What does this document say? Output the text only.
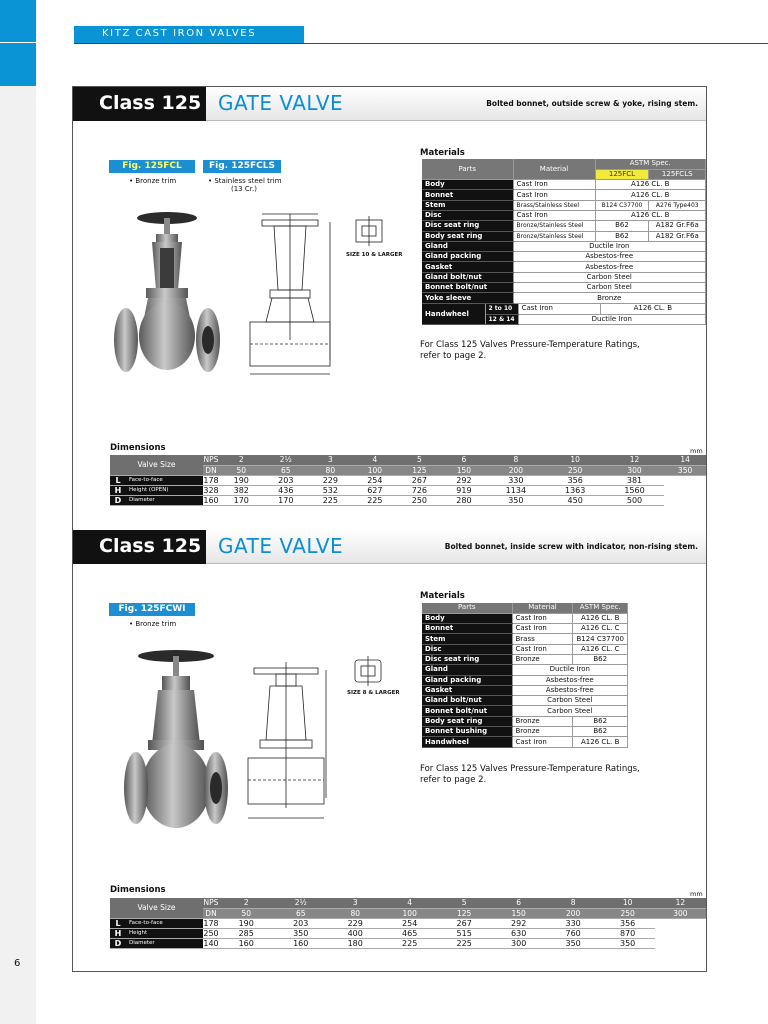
6
KITZ CAST IRON VALVES
Class 125 GATE VALVE	Bolted bonnet, outside screw & yoke, rising stem.
Fig. 125FCL
• Bronze trim
Fig. 125FCLS
• Stainless steel trim
(13 Cr.)
SIZE 10 & LARGER
Materials
Parts	Material	ASTM Spec.	
		125FCL	125FCLS
Body	Cast Iron	A126 CL. B	
Bonnet	Cast Iron	A126 CL. B	
Stem	Brass/Stainless Steel	B124 C37700	A276 Type403
Disc	Cast Iron	A126 CL. B	
Disc seat ring	Bronze/Stainless Steel	B62	A182 Gr.F6a
Body seat ring	Bronze/Stainless Steel	B62	A182 Gr.F6a
Gland	Ductile Iron		
Gland packing	Asbestos-free		
Gasket	Asbestos-free		
Gland bolt/nut	Carbon Steel		
Bonnet bolt/nut	Carbon Steel		
Yoke sleeve	Bronze		
Handwheel	2 to 10	Cast Iron	A126 CL. B
	12 & 14	Ductile Iron	
For Class 125 Valves Pressure-Temperature Ratings,
refer to page 2.
Dimensions	mm
Valve Size		NPS	2	2½	3	4	5	6	8	10	12	14
		DN	50	65	80	100	125	150	200	250	300	350
L	Face-to-face	178	190	203	229	254	267	292	330	356	381	
H	Height (OPEN)	328	382	436	532	627	726	919	1134	1363	1560	
D	Diameter	160	170	170	225	225	250	280	350	450	500	
Class 125 GATE VALVE	Bolted bonnet, inside screw with indicator, non-rising stem.
Fig. 125FCWI
• Bronze trim
SIZE 8 & LARGER
Materials
Parts	Material	ASTM Spec.
Body	Cast Iron	A126 CL. B
Bonnet	Cast Iron	A126 CL. C
Stem	Brass	B124 C37700
Disc	Cast Iron	A126 CL. C
Disc seat ring	Bronze	B62
Gland	Ductile Iron	
Gland packing	Asbestos-free	
Gasket	Asbestos-free	
Gland bolt/nut	Carbon Steel	
Bonnet bolt/nut	Carbon Steel	
Body seat ring	Bronze	B62
Bonnet bushing	Bronze	B62
Handwheel	Cast Iron	A126 CL. B
For Class 125 Valves Pressure-Temperature Ratings,
refer to page 2.
Dimensions	mm
Valve Size		NPS	2	2½	3	4	5	6	8	10	12
		DN	50	65	80	100	125	150	200	250	300
L	Face-to-face	178	190	203	229	254	267	292	330	356	
H	Height	250	285	350	400	465	515	630	760	870	
D	Diameter	140	160	160	180	225	225	300	350	350	
